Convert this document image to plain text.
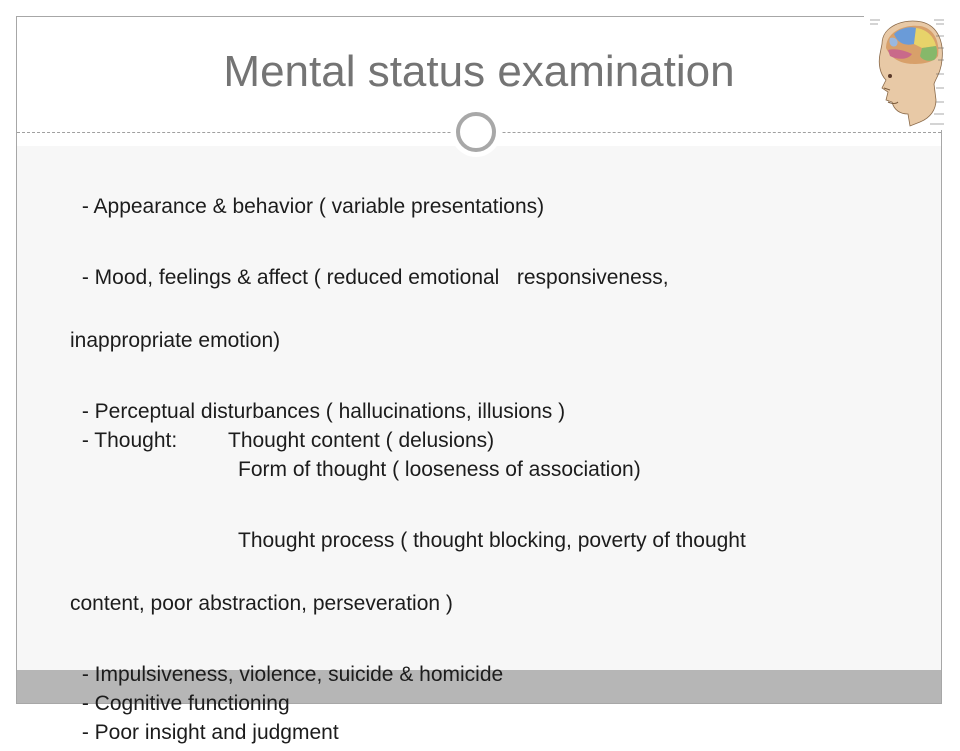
Mental status examination
- Appearance & behavior ( variable presentations)

- Mood, feelings & affect ( reduced emotional   responsiveness,

inappropriate emotion)

- Perceptual disturbances ( hallucinations, illusions )
- Thought: Thought content ( delusions)
Form of thought ( looseness of association)

Thought process ( thought blocking, poverty of thought

content, poor abstraction, perseveration )

- Impulsiveness, violence, suicide & homicide
- Cognitive functioning
- Poor insight and judgment
